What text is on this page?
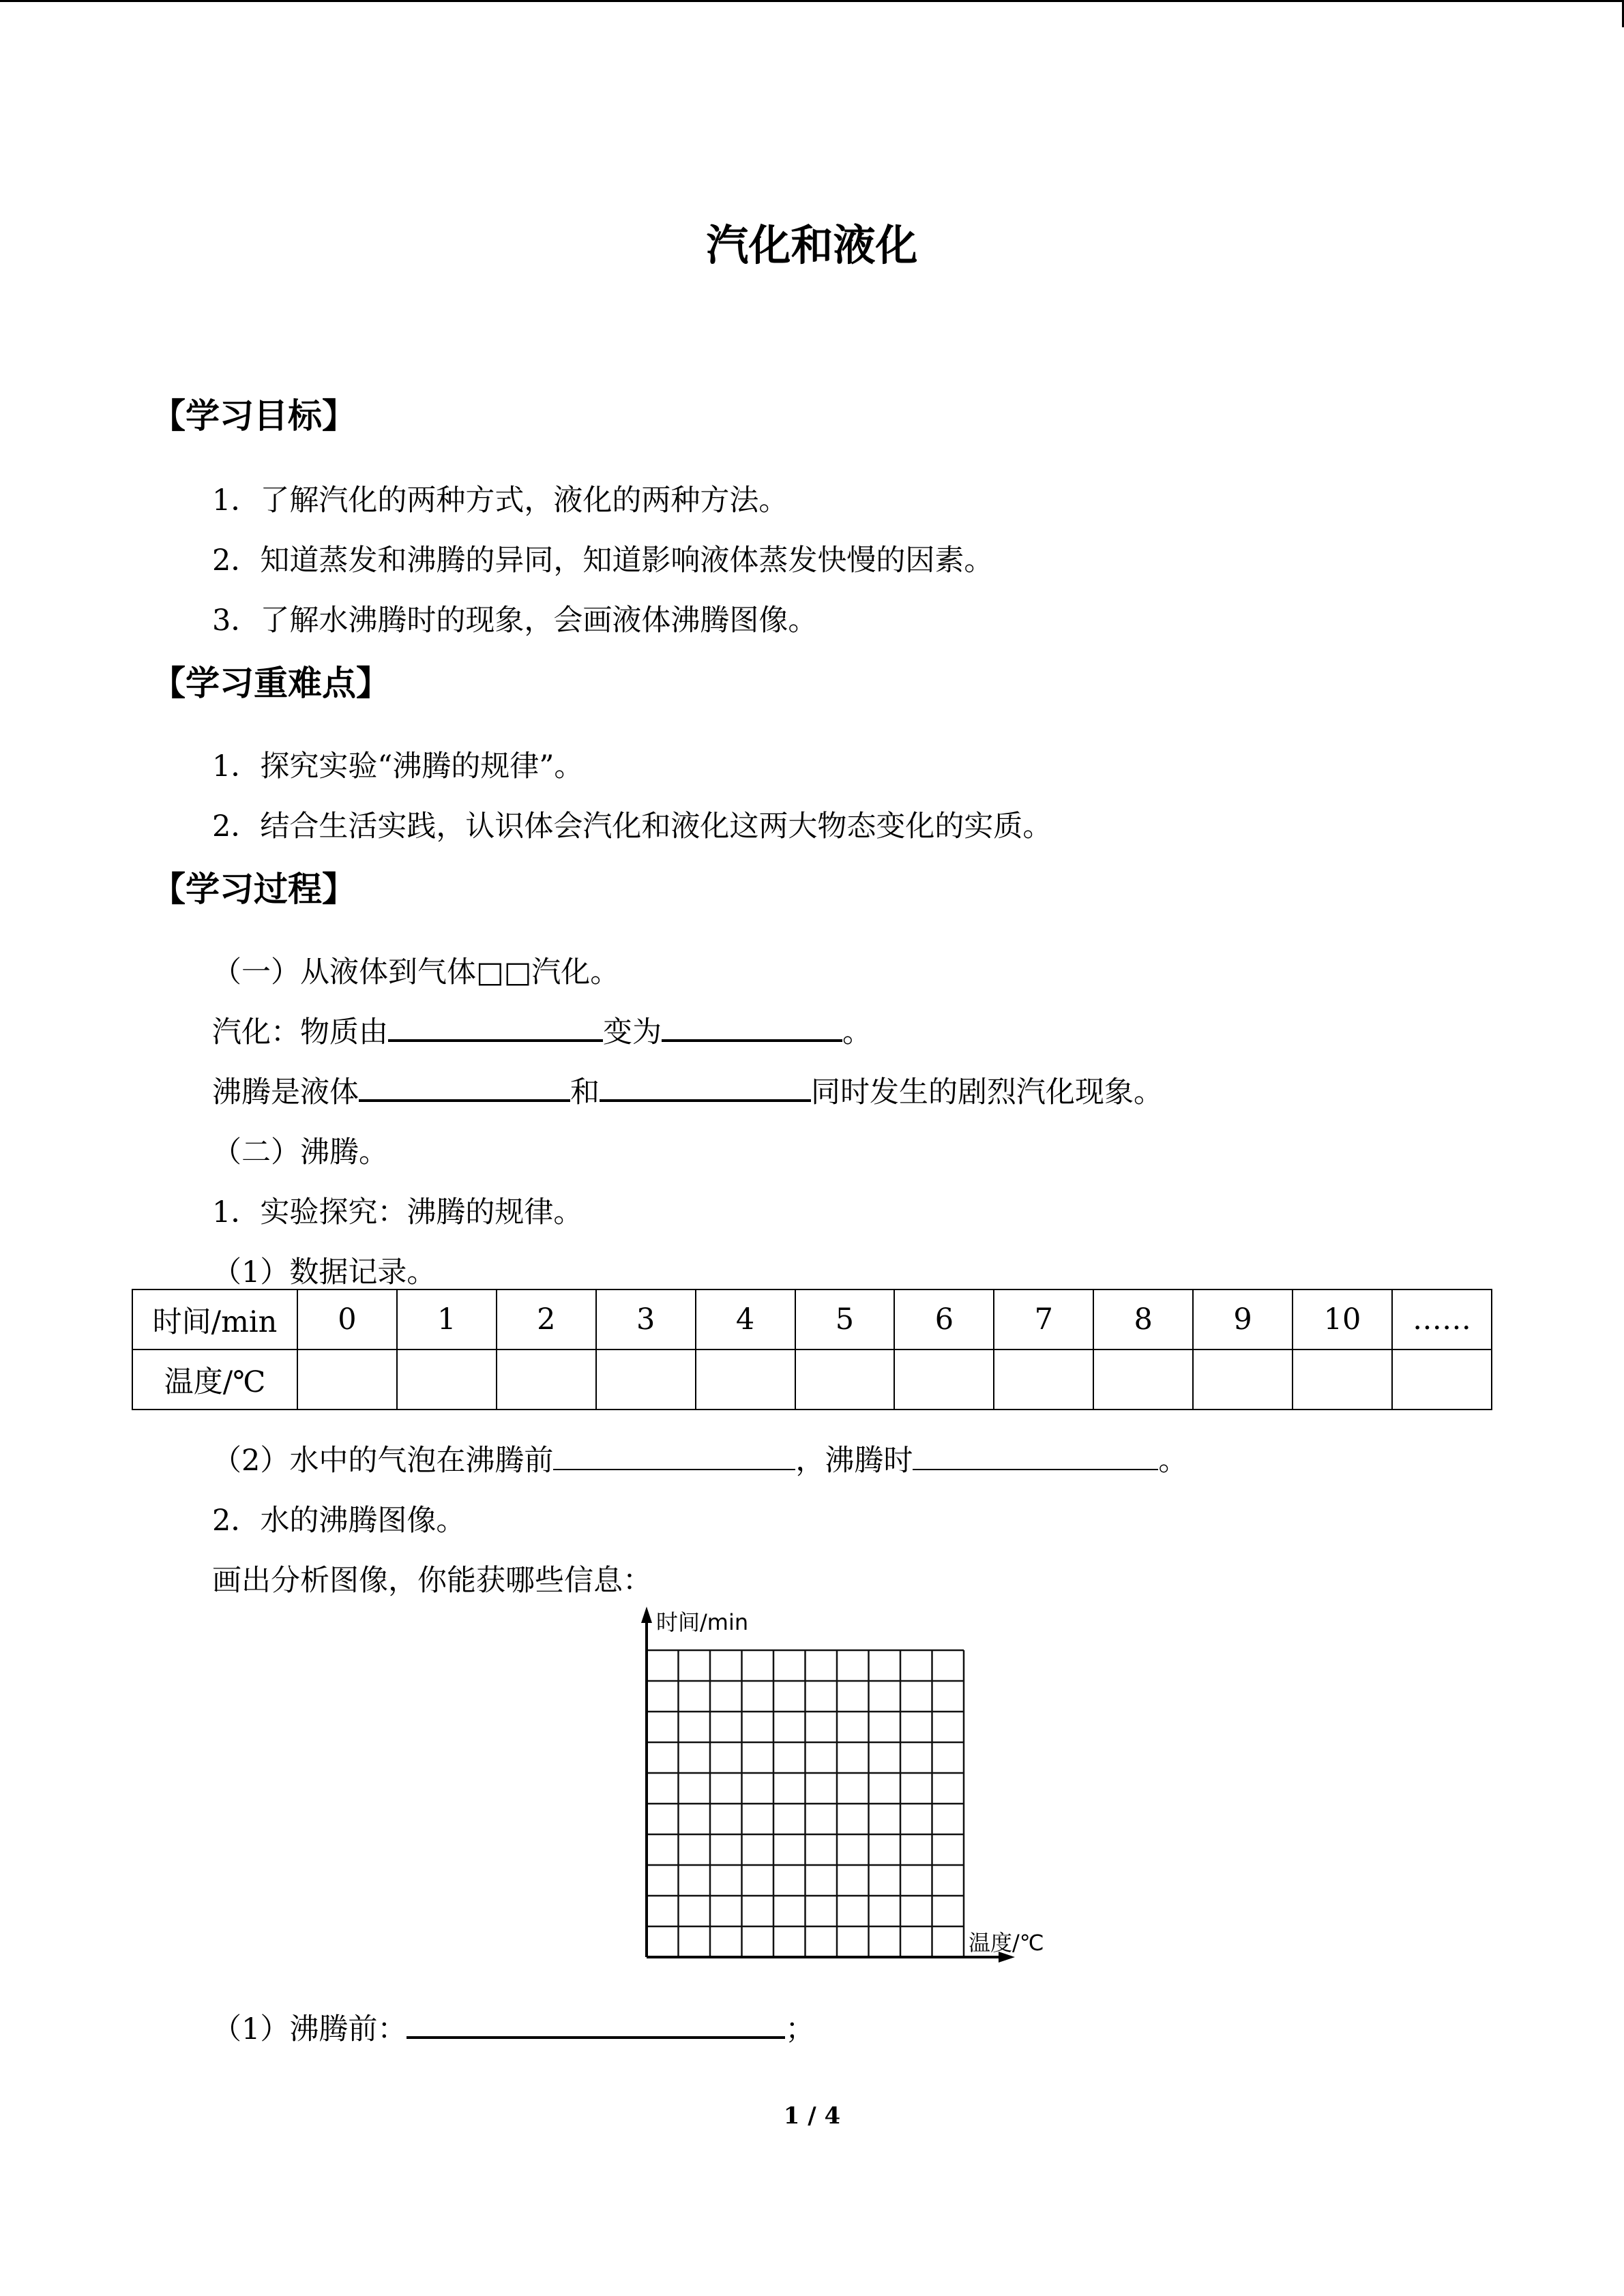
汽化和液化
【学习目标】
1．了解汽化的两种方式，液化的两种方法。
2．知道蒸发和沸腾的异同，知道影响液体蒸发快慢的因素。
3．了解水沸腾时的现象，会画液体沸腾图像。
【学习重难点】
1．探究实验“沸腾的规律”。
2．结合生活实践，认识体会汽化和液化这两大物态变化的实质。
【学习过程】
（一）从液体到气体□□汽化。
汽化：物质由	变为	。
沸腾是液体	和	同时发生的剧烈汽化现象。
（二）沸腾。
1．实验探究：沸腾的规律。
（1）数据记录。
时间/min	0	1	2	3	4	5	6	7	8	9	10	……
温度/℃												
（2）水中的气泡在沸腾前	，沸腾时	。
2．水的沸腾图像。
画出分析图像，你能获哪些信息：
时间/min
温度/℃
（1）沸腾前：	；
1 / 4
